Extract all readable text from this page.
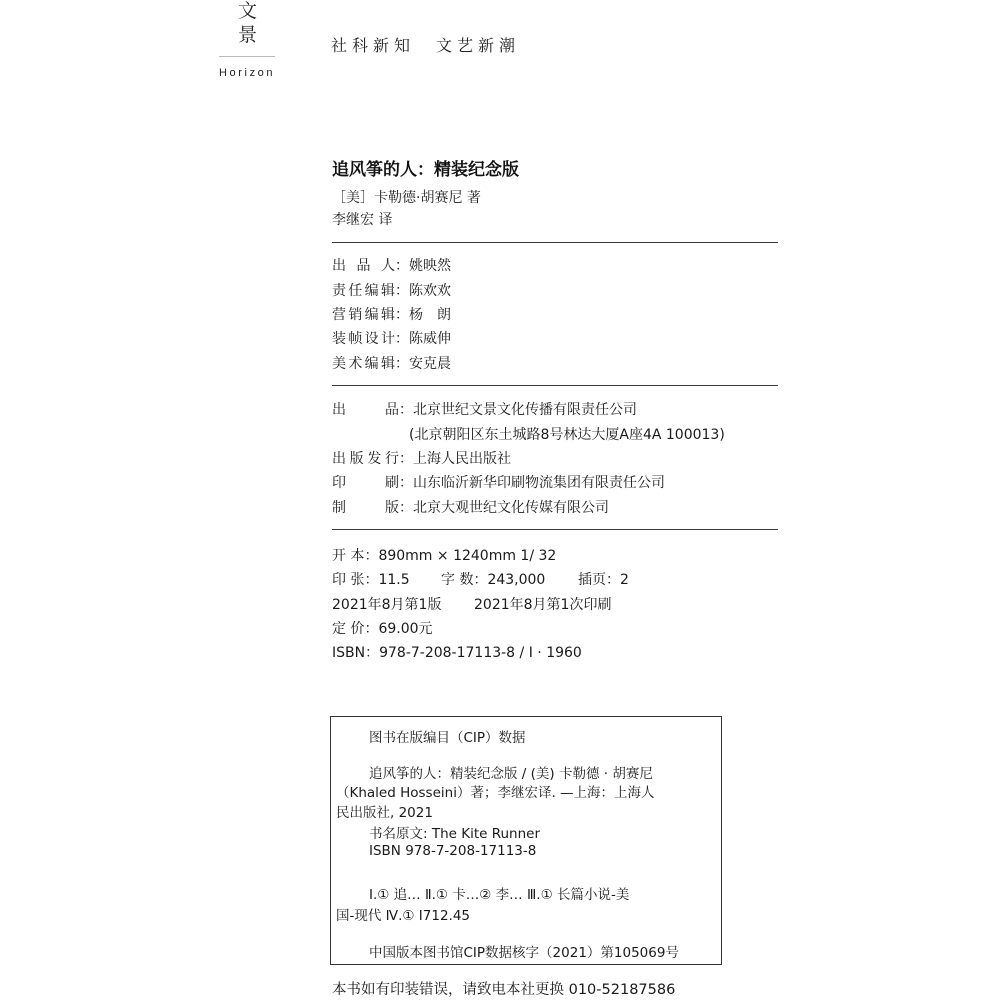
文
景
Horizon
社科新知　文艺新潮
追风筝的人：精装纪念版
［美］卡勒德·胡赛尼 著
李继宏 译
出品人：姚映然
责任编辑：陈欢欢
营销编辑：杨　朗
装帧设计：陈威伸
美术编辑：安克晨
出品：北京世纪文景文化传播有限责任公司
(北京朝阳区东土城路8号林达大厦A座4A 100013)
出版发行：上海人民出版社
印刷：山东临沂新华印刷物流集团有限责任公司
制版：北京大观世纪文化传媒有限公司
开 本：890mm × 1240mm 1/ 32
印 张：11.5 字 数：243,000 插页：2
2021年8月第1版 2021年8月第1次印刷
定 价：69.00元
ISBN：978-7-208-17113-8 / I · 1960
图书在版编目（CIP）数据
追风筝的人：精装纪念版 / (美) 卡勒德 · 胡赛尼
（Khaled Hosseini）著；李继宏译. —上海：上海人
民出版社, 2021
书名原文: The Kite Runner
ISBN 978-7-208-17113-8
Ⅰ.① 追… Ⅱ.① 卡…② 李… Ⅲ.① 长篇小说-美
国-现代 Ⅳ.① I712.45
中国版本图书馆CIP数据核字（2021）第105069号
本书如有印装错误，请致电本社更换 010-52187586
